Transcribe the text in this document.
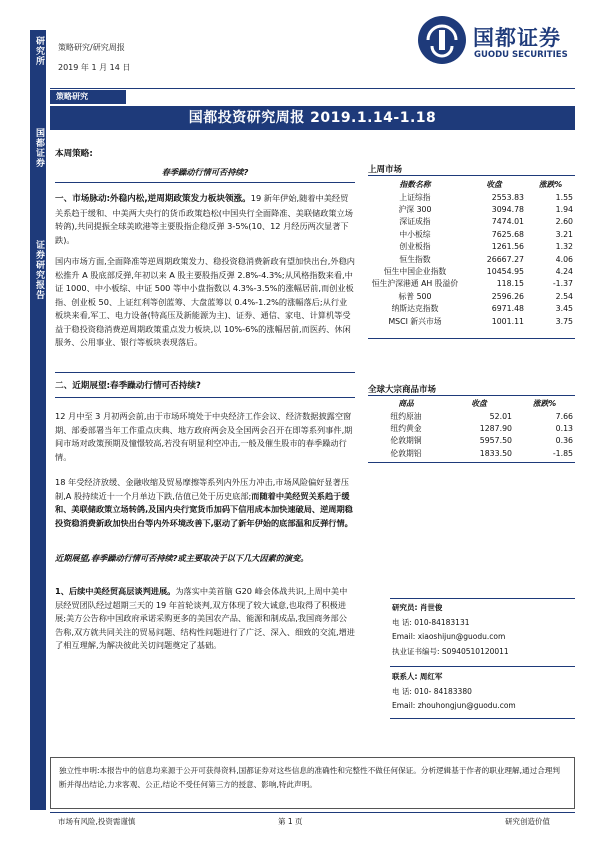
研究所
国都证券
证券研究报告
策略研究/研究周报
2019 年 1 月 14 日
国都证券
GUODU SECURITIES
策略研究
国都投资研究周报 2019.1.14-1.18
本周策略:
春季躁动行情可否持续?
一、市场脉动:外稳内松,逆周期政策发力板块领涨。19 新年伊始,随着中美经贸关系趋于缓和、中美两大央行的货币政策趋松(中国央行全面降准、美联储政策立场转鸽),共同提振全球美欧港等主要股指企稳反弹 3-5%(10、12 月经历两次显著下跌)。
国内市场方面,全面降准等逆周期政策发力、稳投资稳消费新政有望加快出台,外稳内松推升 A 股底部反弹,年初以来 A 股主要股指反弹 2.8%-4.3%;从风格指数来看,中证 1000、中小板综、中证 500 等中小盘指数以 4.3%-3.5%的涨幅居前,而创业板指、创业板 50、上证红利等创蓝筹、大盘蓝筹以 0.4%-1.2%的涨幅落后;从行业板块来看,军工、电力设备(特高压及新能源为主)、证券、通信、家电、计算机等受益于稳投资稳消费逆周期政策重点发力板块,以 10%-6%的涨幅居前,而医药、休闲服务、公用事业、银行等板块表现落后。
二、近期展望:春季躁动行情可否持续?
12 月中至 3 月初两会前,由于市场环境处于中央经济工作会议、经济数据披露空窗期、部委部署当年工作重点庆典、地方政府两会及全国两会召开在即等系列事件,期间市场对政策预期及憧憬较高,若没有明显利空冲击,一般及催生股市的春季躁动行情。
18 年受经济放缓、金融收缩及贸易摩擦等系列内外压力冲击,市场风险偏好显著压制,A 股持续近十一个月单边下跌,估值已处于历史底部;而随着中美经贸关系趋于缓和、美联储政策立场转鸽,及国内央行宽货币加码下信用成本加快速破局、逆周期稳投资稳消费新政加快出台等内外环境改善下,驱动了新年伊始的底部温和反弹行情。
近期展望,春季躁动行情可否持续?或主要取决于以下几大因素的演变。
1、后续中美经贸高层谈判进展。为落实中美首脑 G20 峰会体战共识,上周中美中层经贸团队经过超期三天的 19 年首轮谈判,双方体现了较大诚意,也取得了积极进展;美方公告称中国政府承诺采购更多的美国农产品、能源和制成品,我国商务部公告称,双方就共同关注的贸易问题、结构性问题进行了广泛、深入、细致的交流,增进了相互理解,为解决彼此关切问题奠定了基础。
上周市场
指数名称	收盘	涨跌%
上证综指	2553.83	1.55
沪深 300	3094.78	1.94
深证成指	7474.01	2.60
中小板综	7625.68	3.21
创业板指	1261.56	1.32
恒生指数	26667.27	4.06
恒生中国企业指数	10454.95	4.24
恒生沪深港通 AH 股溢价	118.15	-1.37
标普 500	2596.26	2.54
纳斯达克指数	6971.48	3.45
MSCI 新兴市场	1001.11	3.75
全球大宗商品市场
商品	收盘	涨跌%
纽约原油	52.01	7.66
纽约黄金	1287.90	0.13
伦敦期铜	5957.50	0.36
伦敦期铝	1833.50	-1.85
研究员: 肖世俊
电 话: 010-84183131
Email: xiaoshijun@guodu.com
执业证书编号: S0940510120011
联系人: 周红军
电 话: 010- 84183380
Email: zhouhongjun@guodu.com
独立性申明:本报告中的信息均来源于公开可获得资料,国都证券对这些信息的准确性和完整性不做任何保证。分析逻辑基于作者的职业理解,通过合理判断并得出结论,力求客观、公正,结论不受任何第三方的授意、影响,特此声明。
市场有风险,投资需谨慎	第 1 页	研究创造价值
